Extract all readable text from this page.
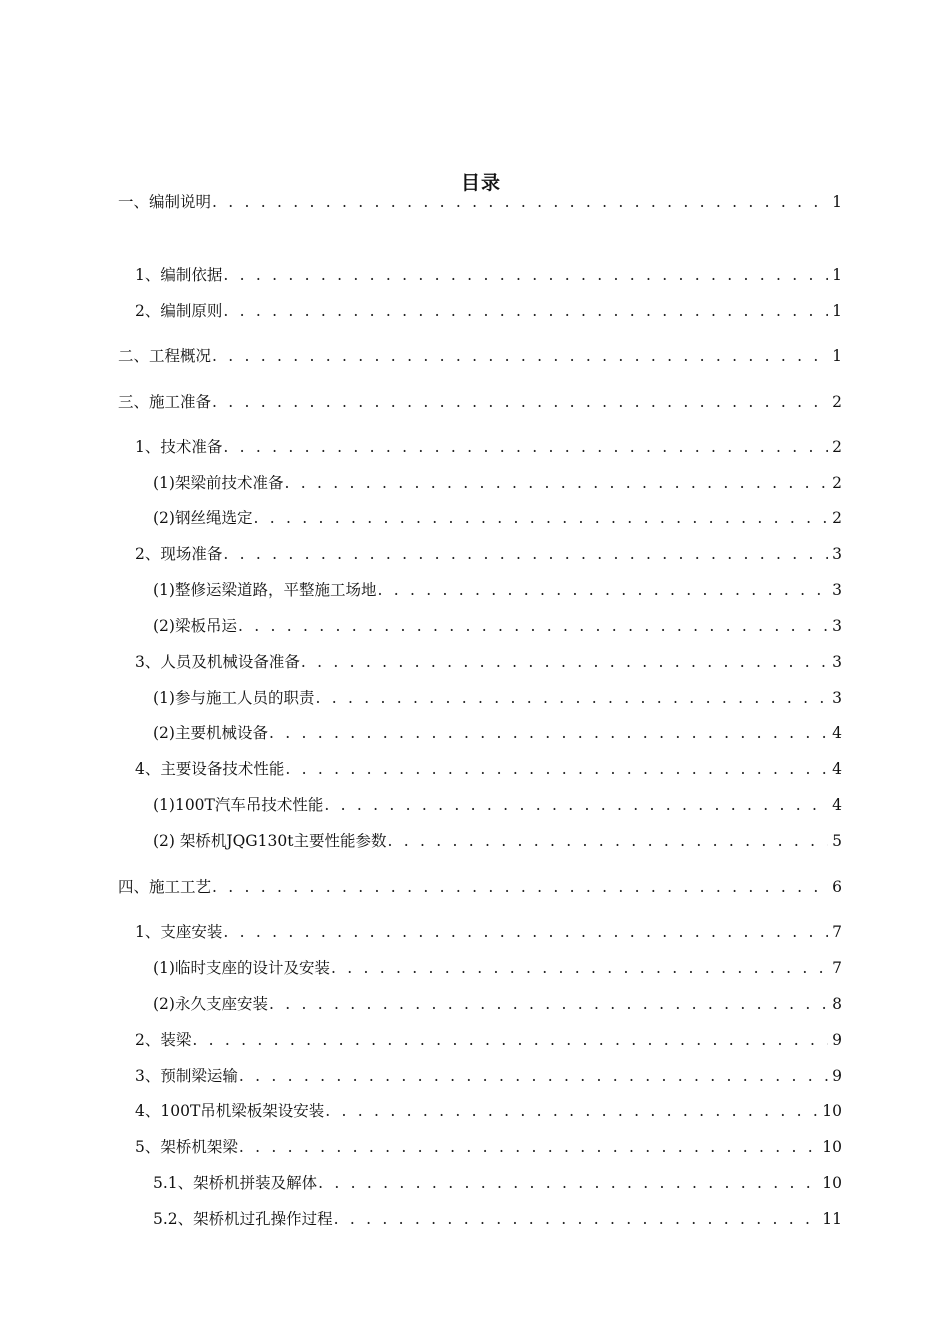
目录
一、编制说明 . . .	1
1、编制依据 . . .	1
2、编制原则 . . .	1
二、工程概况 . . .	1
三、施工准备 . . .	2
1、技术准备 . . .	2
(1)架梁前技术准备 . . .	2
(2)钢丝绳选定 . . .	2
2、现场准备 . . .	3
(1)整修运梁道路，平整施工场地 . . .	3
(2)梁板吊运 . . .	3
3、人员及机械设备准备 . . .	3
(1)参与施工人员的职责 . . .	3
(2)主要机械设备 . . .	4
4、主要设备技术性能 . . .	4
(1)100T汽车吊技术性能 . . .	4
(2) 架桥机JQG130t主要性能参数 . . .	5
四、施工工艺 . . .	6
1、支座安装 . . .	7
(1)临时支座的设计及安装 . . .	7
(2)永久支座安装 . . .	8
2、装梁 . . .	9
3、预制梁运输 . . .	9
4、100T吊机梁板架设安装 . . .	10
5、架桥机架梁 . . .	10
5.1、架桥机拼装及解体 . . .	10
5.2、架桥机过孔操作过程 . . .	11
